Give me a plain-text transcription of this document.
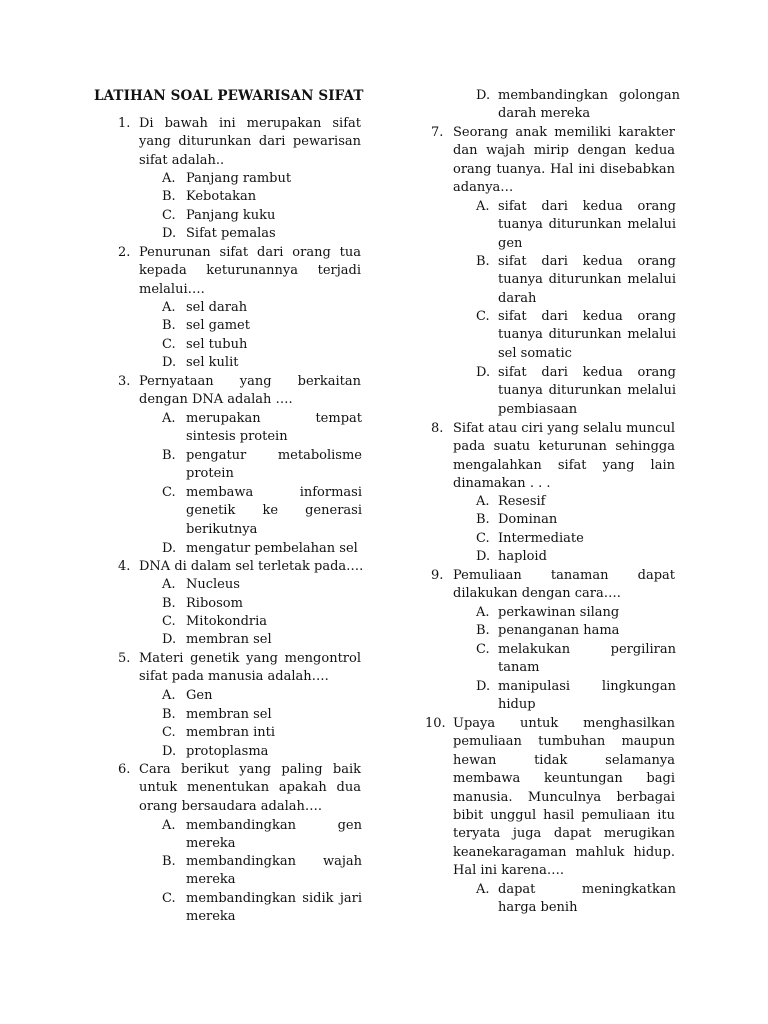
LATIHAN SOAL PEWARISAN SIFAT
1. Di bawah ini merupakan sifat yang diturunkan dari pewarisan sifat adalah..
A. Panjang rambut
B. Kebotakan
C. Panjang kuku
D. Sifat pemalas
2. Penurunan sifat dari orang tua kepada keturunannya terjadi melalui….
A. sel darah
B. sel gamet
C. sel tubuh
D. sel kulit
3. Pernyataan yang berkaitan dengan DNA adalah ….
A. merupakan tempat sintesis protein
B. pengatur metabolisme protein
C. membawa informasi genetik ke generasi berikutnya
D. mengatur pembelahan sel
4. DNA di dalam sel terletak pada….
A. Nucleus
B. Ribosom
C. Mitokondria
D. membran sel
5. Materi genetik yang mengontrol sifat pada manusia adalah….
A. Gen
B. membran sel
C. membran inti
D. protoplasma
6. Cara berikut yang paling baik untuk menentukan apakah dua orang bersaudara adalah….
A. membandingkan gen mereka
B. membandingkan wajah mereka
C. membandingkan sidik jari mereka
D. membandingkan golongan darah mereka
7. Seorang anak memiliki karakter dan wajah mirip dengan kedua orang tuanya. Hal ini disebabkan adanya…
A. sifat dari kedua orang tuanya diturunkan melalui gen
B. sifat dari kedua orang tuanya diturunkan melalui darah
C. sifat dari kedua orang tuanya diturunkan melalui sel somatic
D. sifat dari kedua orang tuanya diturunkan melalui pembiasaan
8. Sifat atau ciri yang selalu muncul pada suatu keturunan sehingga mengalahkan sifat yang lain dinamakan . . .
A. Resesif
B. Dominan
C. Intermediate
D. haploid
9. Pemuliaan tanaman dapat dilakukan dengan cara….
A. perkawinan silang
B. penanganan hama
C. melakukan pergiliran tanam
D. manipulasi lingkungan hidup
10. Upaya untuk menghasilkan pemuliaan tumbuhan maupun hewan tidak selamanya membawa keuntungan bagi manusia. Munculnya berbagai bibit unggul hasil pemuliaan itu teryata juga dapat merugikan keanekaragaman mahluk hidup. Hal ini karena….
A. dapat meningkatkan harga benih
